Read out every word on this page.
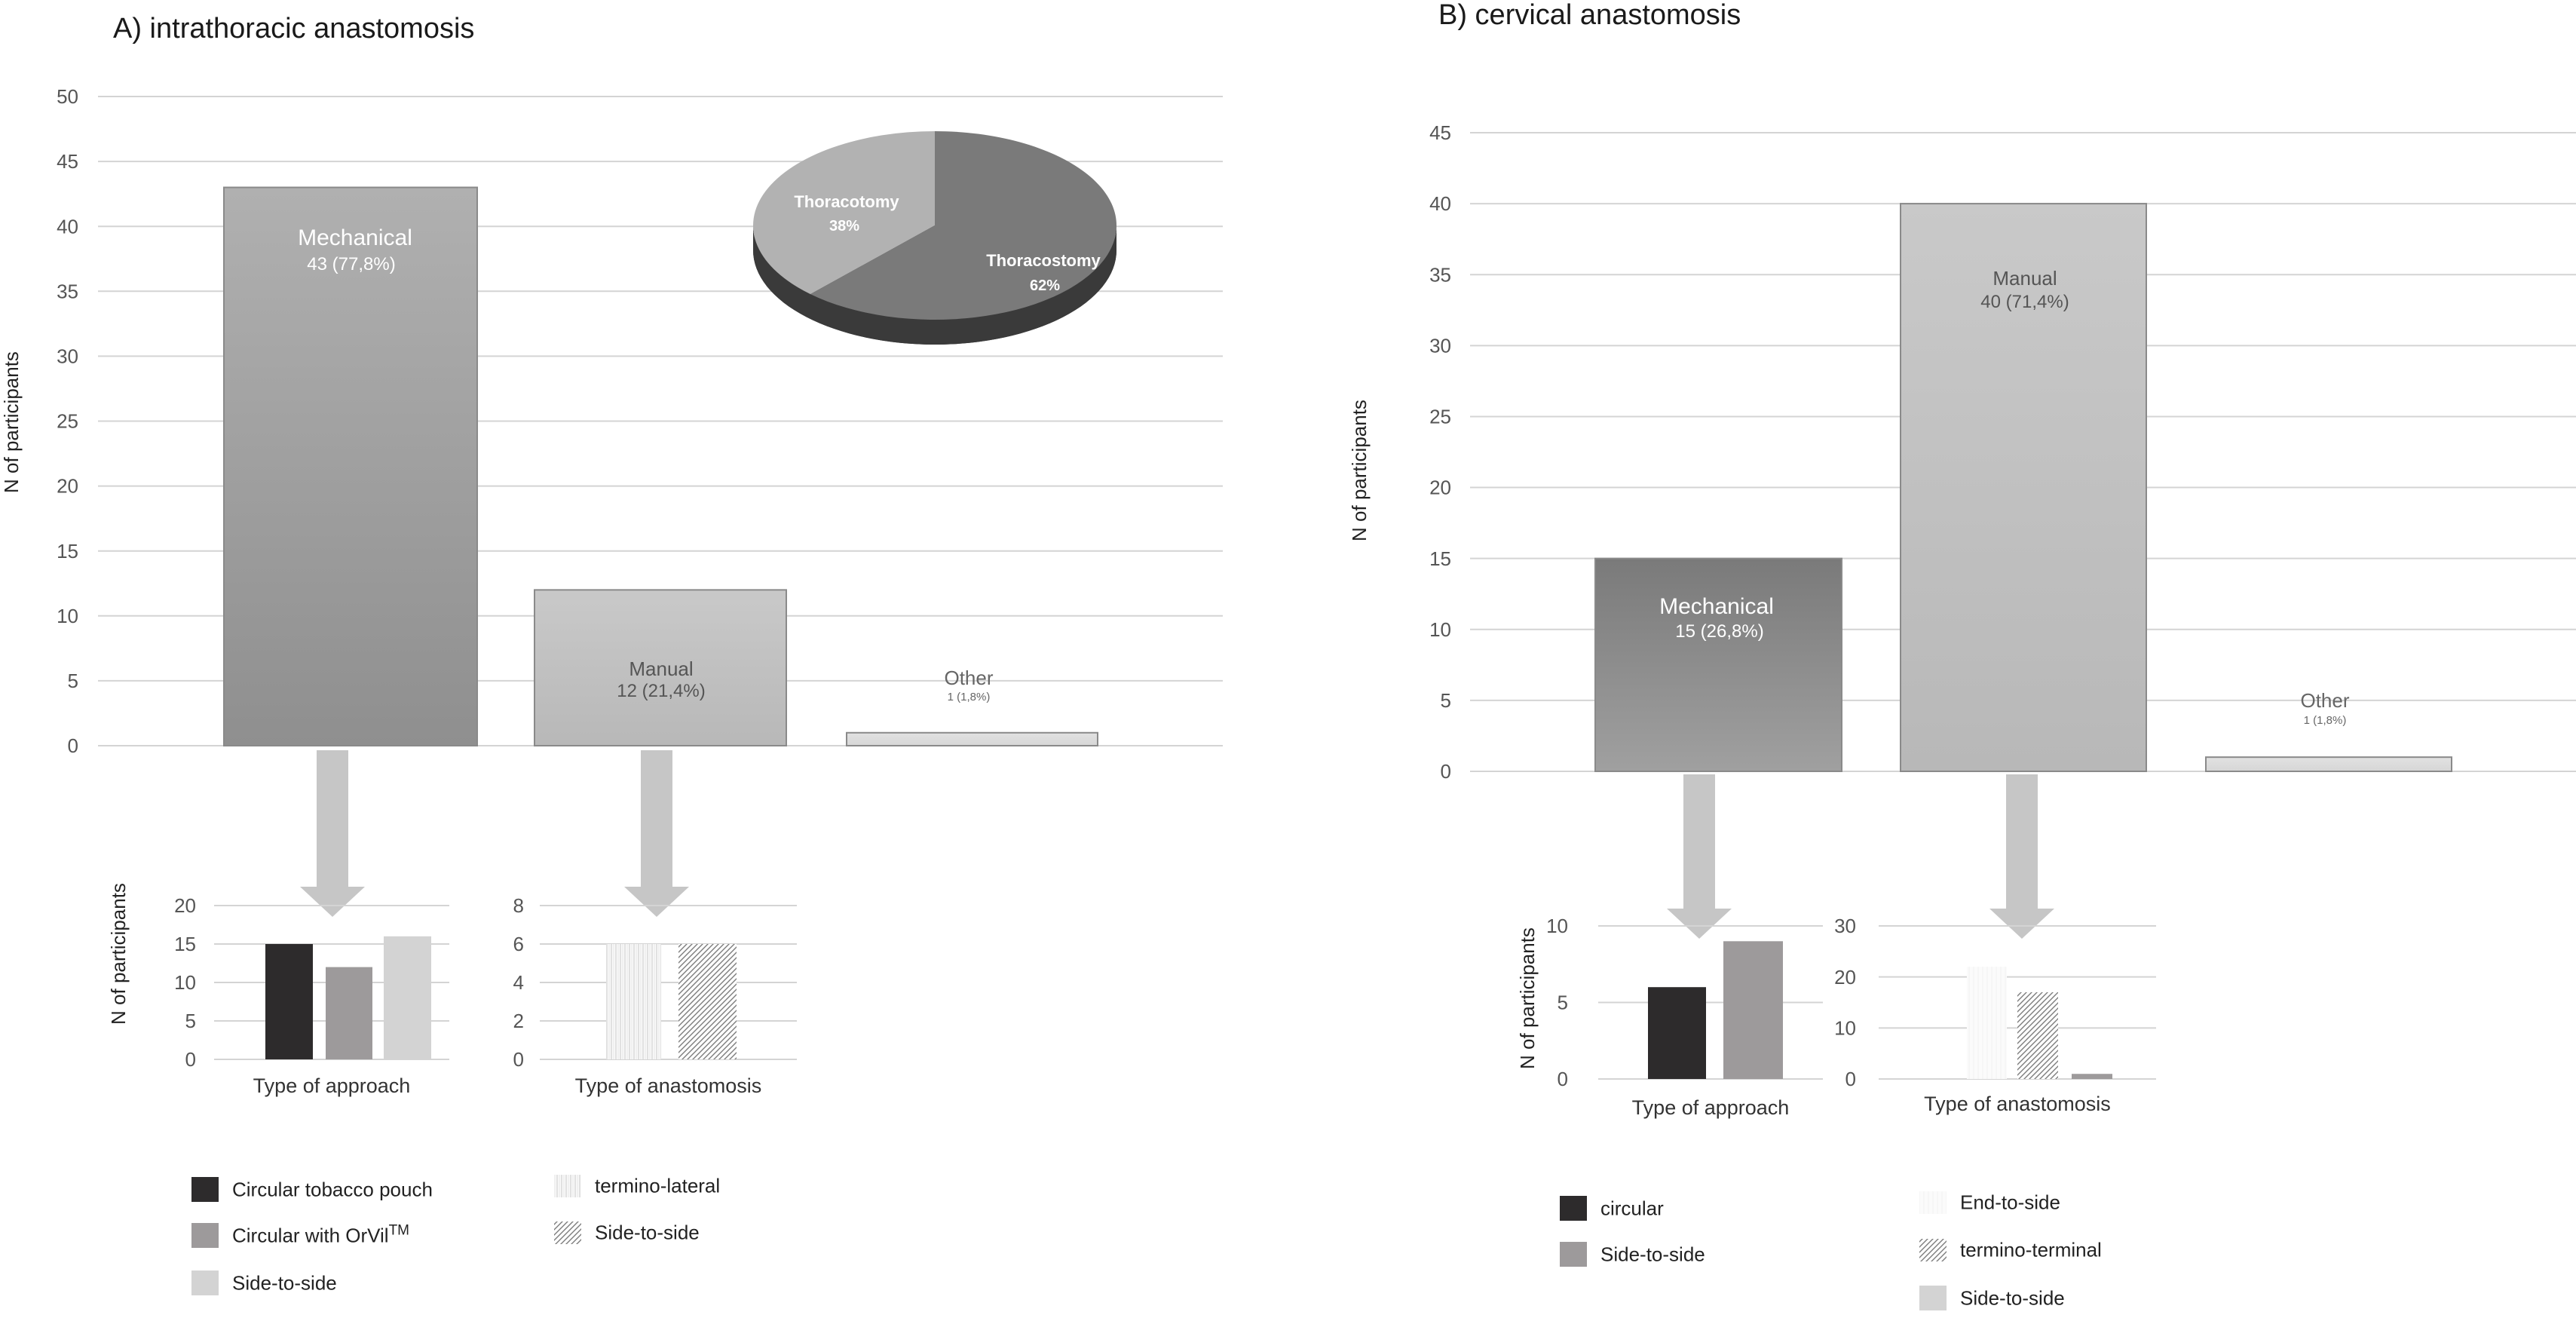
A) intrathoracic anastomosis
0
5
10
15
20
25
30
35
40
45
50
N of participants
Mechanical
43 (77,8%)
Manual
12 (21,4%)
Other
1 (1,8%)
Thoracotomy
38%
Thoracostomy
62%
0
5
10
15
20
Type of approach
N of participants
0
2
4
6
8
Type of anastomosis
B) cervical anastomosis
0
5
10
15
20
25
30
35
40
45
N of participants
Mechanical
15 (26,8%)
Manual
40 (71,4%)
Other
1 (1,8%)
0
5
10
Type of approach
N of participants
0
10
20
30
Type of anastomosis
Circular tobacco pouch
Circular with OrVil™
Side-to-side
termino-lateral
Side-to-side
circular
Side-to-side
End-to-side
termino-terminal
Side-to-side
